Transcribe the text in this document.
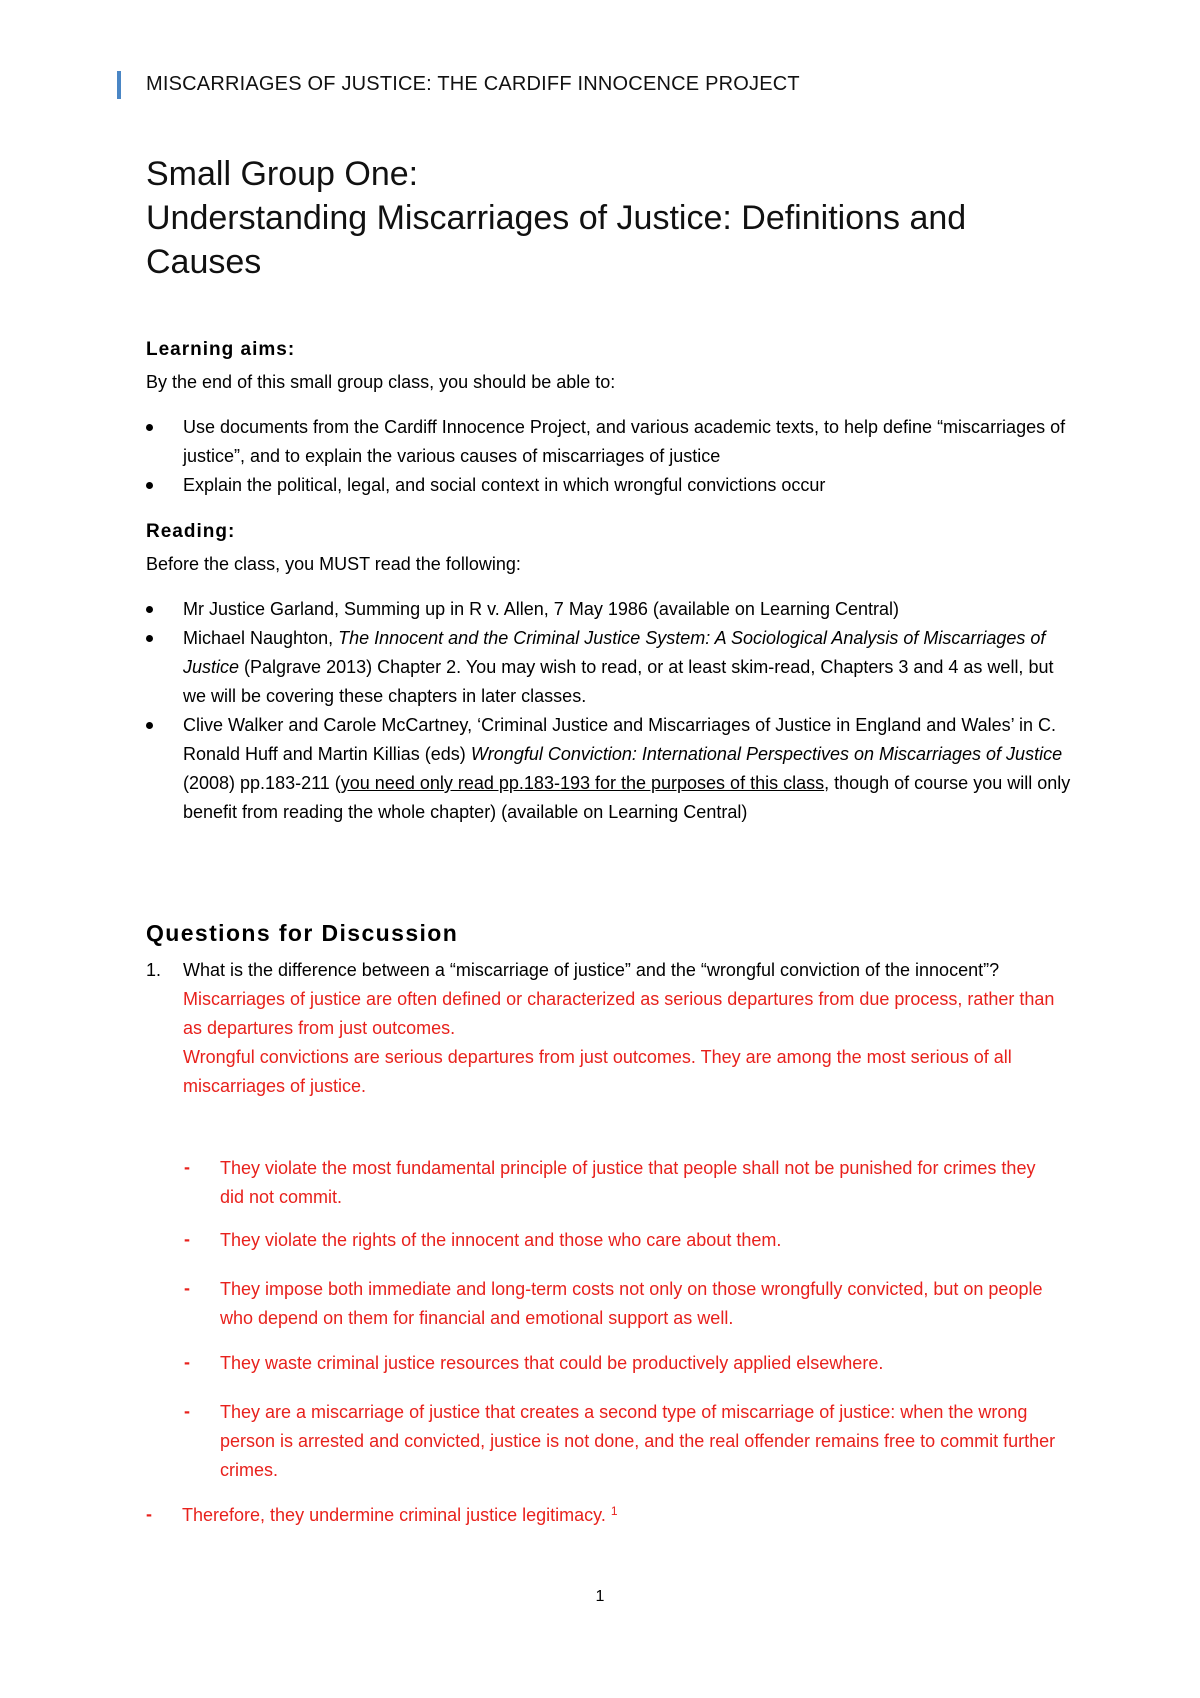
MISCARRIAGES OF JUSTICE: THE CARDIFF INNOCENCE PROJECT
Small Group One:
Understanding Miscarriages of Justice: Definitions and Causes
Learning aims:
By the end of this small group class, you should be able to:
Use documents from the Cardiff Innocence Project, and various academic texts, to help define “miscarriages of justice”, and to explain the various causes of miscarriages of justice
Explain the political, legal, and social context in which wrongful convictions occur
Reading:
Before the class, you MUST read the following:
Mr Justice Garland, Summing up in R v. Allen, 7 May 1986 (available on Learning Central)
Michael Naughton, The Innocent and the Criminal Justice System: A Sociological Analysis of Miscarriages of Justice (Palgrave 2013) Chapter 2. You may wish to read, or at least skim-read, Chapters 3 and 4 as well, but we will be covering these chapters in later classes.
Clive Walker and Carole McCartney, ‘Criminal Justice and Miscarriages of Justice in England and Wales’ in C. Ronald Huff and Martin Killias (eds) Wrongful Conviction: International Perspectives on Miscarriages of Justice (2008) pp.183-211 (you need only read pp.183-193 for the purposes of this class, though of course you will only benefit from reading the whole chapter) (available on Learning Central)
Questions for Discussion
1. What is the difference between a “miscarriage of justice” and the “wrongful conviction of the innocent”?
Miscarriages of justice are often defined or characterized as serious departures from due process, rather than as departures from just outcomes.
Wrongful convictions are serious departures from just outcomes. They are among the most serious of all miscarriages of justice.
- They violate the most fundamental principle of justice that people shall not be punished for crimes they did not commit.
- They violate the rights of the innocent and those who care about them.
- They impose both immediate and long-term costs not only on those wrongfully convicted, but on people who depend on them for financial and emotional support as well.
- They waste criminal justice resources that could be productively applied elsewhere.
- They are a miscarriage of justice that creates a second type of miscarriage of justice: when the wrong person is arrested and convicted, justice is not done, and the real offender remains free to commit further crimes.
- Therefore, they undermine criminal justice legitimacy. $^1$
1
